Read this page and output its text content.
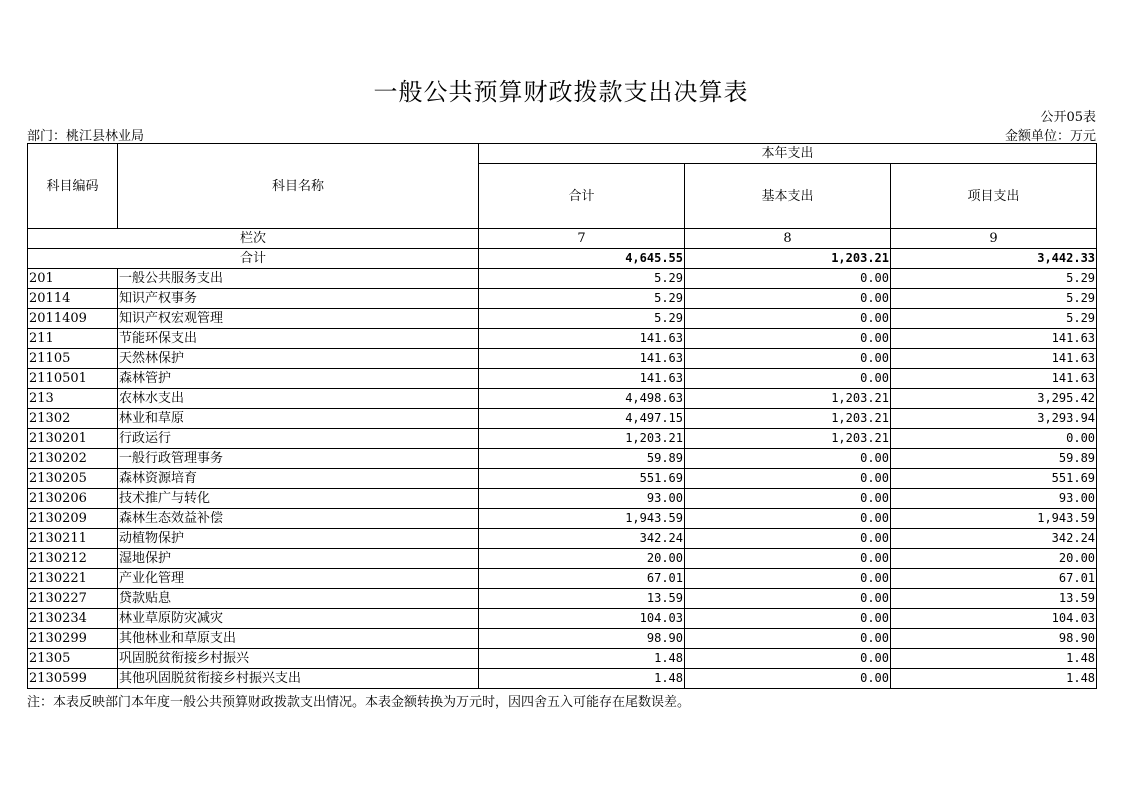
一般公共预算财政拨款支出决算表
公开05表
部门：桃江县林业局	金额单位：万元
科目编码	科目名称	本年支出		
		合计	基本支出	项目支出
栏次		7	8	9
合计		4,645.55	1,203.21	3,442.33
201	一般公共服务支出	5.29	0.00	5.29
20114	知识产权事务	5.29	0.00	5.29
2011409	知识产权宏观管理	5.29	0.00	5.29
211	节能环保支出	141.63	0.00	141.63
21105	天然林保护	141.63	0.00	141.63
2110501	森林管护	141.63	0.00	141.63
213	农林水支出	4,498.63	1,203.21	3,295.42
21302	林业和草原	4,497.15	1,203.21	3,293.94
2130201	行政运行	1,203.21	1,203.21	0.00
2130202	一般行政管理事务	59.89	0.00	59.89
2130205	森林资源培育	551.69	0.00	551.69
2130206	技术推广与转化	93.00	0.00	93.00
2130209	森林生态效益补偿	1,943.59	0.00	1,943.59
2130211	动植物保护	342.24	0.00	342.24
2130212	湿地保护	20.00	0.00	20.00
2130221	产业化管理	67.01	0.00	67.01
2130227	贷款贴息	13.59	0.00	13.59
2130234	林业草原防灾减灾	104.03	0.00	104.03
2130299	其他林业和草原支出	98.90	0.00	98.90
21305	巩固脱贫衔接乡村振兴	1.48	0.00	1.48
2130599	其他巩固脱贫衔接乡村振兴支出	1.48	0.00	1.48
注：本表反映部门本年度一般公共预算财政拨款支出情况。本表金额转换为万元时，因四舍五入可能存在尾数误差。
